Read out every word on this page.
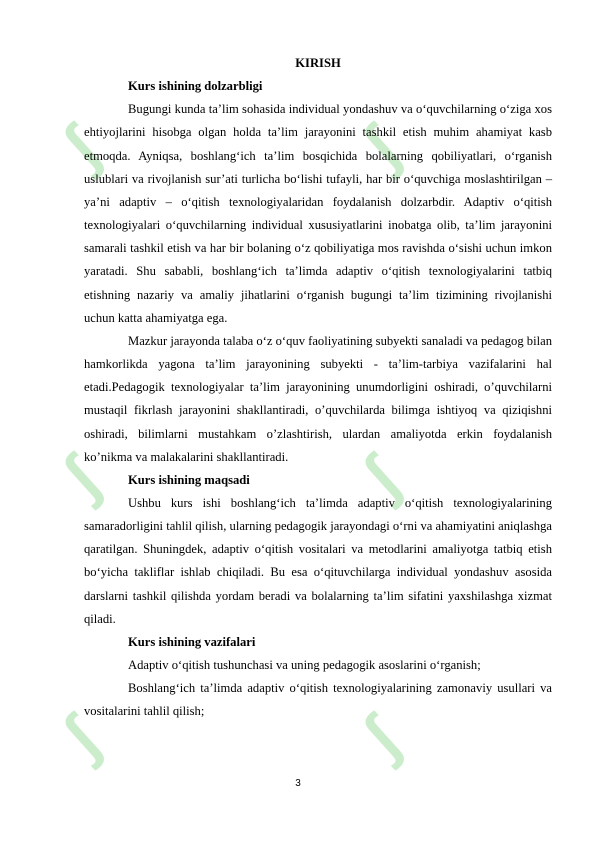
ʃ	ʃ
ʃ	ʃ
ʃ	ʃ

KIRISH

Kurs ishining dolzarbligi

Bugungi kunda ta’lim sohasida individual yondashuv va o‘quvchilarning o‘ziga xos ehtiyojlarini hisobga olgan holda ta’lim jarayonini tashkil etish muhim ahamiyat kasb etmoqda. Ayniqsa, boshlang‘ich ta’lim bosqichida bolalarning qobiliyatlari, o‘rganish uslublari va rivojlanish sur’ati turlicha bo‘lishi tufayli, har bir o‘quvchiga moslashtirilgan – ya’ni adaptiv – o‘qitish texnologiyalaridan foydalanish dolzarbdir. Adaptiv o‘qitish texnologiyalari o‘quvchilarning individual xususiyatlarini inobatga olib, ta’lim jarayonini samarali tashkil etish va har bir bolaning o‘z qobiliyatiga mos ravishda o‘sishi uchun imkon yaratadi. Shu sababli, boshlang‘ich ta’limda adaptiv o‘qitish texnologiyalarini tatbiq etishning nazariy va amaliy jihatlarini o‘rganish bugungi ta’lim tizimining rivojlanishi uchun katta ahamiyatga ega.

Mazkur jarayonda talaba o‘z o‘quv faoliyatining subyekti sanaladi va pedagog bilan hamkorlikda yagona ta’lim jarayonining subyekti - ta’lim-tarbiya vazifalarini hal etadi.Pedagogik texnologiyalar ta’lim jarayonining unumdorligini oshiradi, o’quvchilarni mustaqil fikrlash jarayonini shakllantiradi, o’quvchilarda bilimga ishtiyoq va qiziqishni oshiradi, bilimlarni mustahkam o’zlashtirish, ulardan amaliyotda erkin foydalanish ko’nikma va malakalarini shakllantiradi.

Kurs ishining maqsadi

Ushbu kurs ishi boshlang‘ich ta’limda adaptiv o‘qitish texnologiyalarining samaradorligini tahlil qilish, ularning pedagogik jarayondagi o‘rni va ahamiyatini aniqlashga qaratilgan. Shuningdek, adaptiv o‘qitish vositalari va metodlarini amaliyotga tatbiq etish bo‘yicha takliflar ishlab chiqiladi. Bu esa o‘qituvchilarga individual yondashuv asosida darslarni tashkil qilishda yordam beradi va bolalarning ta’lim sifatini yaxshilashga xizmat qiladi.

Kurs ishining vazifalari

Adaptiv o‘qitish tushunchasi va uning pedagogik asoslarini o‘rganish;

Boshlang‘ich ta’limda adaptiv o‘qitish texnologiyalarining zamonaviy usullari va vositalarini tahlil qilish;

3
